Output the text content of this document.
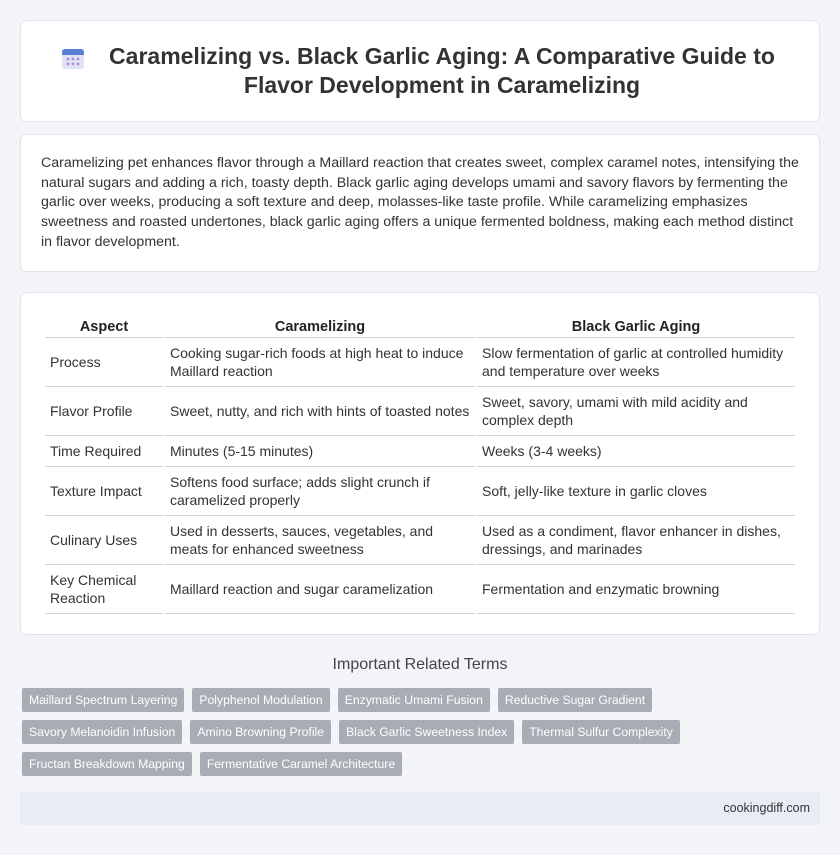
Caramelizing vs. Black Garlic Aging: A Comparative Guide to Flavor Development in Caramelizing

Caramelizing pet enhances flavor through a Maillard reaction that creates sweet, complex caramel notes, intensifying the natural sugars and adding a rich, toasty depth. Black garlic aging develops umami and savory flavors by fermenting the garlic over weeks, producing a soft texture and deep, molasses-like taste profile. While caramelizing emphasizes sweetness and roasted undertones, black garlic aging offers a unique fermented boldness, making each method distinct in flavor development.

Aspect	Caramelizing	Black Garlic Aging
Process	Cooking sugar-rich foods at high heat to induce Maillard reaction	Slow fermentation of garlic at controlled humidity and temperature over weeks
Flavor Profile	Sweet, nutty, and rich with hints of toasted notes	Sweet, savory, umami with mild acidity and complex depth
Time Required	Minutes (5-15 minutes)	Weeks (3-4 weeks)
Texture Impact	Softens food surface; adds slight crunch if caramelized properly	Soft, jelly-like texture in garlic cloves
Culinary Uses	Used in desserts, sauces, vegetables, and meats for enhanced sweetness	Used as a condiment, flavor enhancer in dishes, dressings, and marinades
Key Chemical Reaction	Maillard reaction and sugar caramelization	Fermentation and enzymatic browning
Important Related Terms
Maillard Spectrum Layering	Polyphenol Modulation	Enzymatic Umami Fusion	Reductive Sugar Gradient
Savory Melanoidin Infusion	Amino Browning Profile	Black Garlic Sweetness Index	Thermal Sulfur Complexity
Fructan Breakdown Mapping	Fermentative Caramel Architecture
cookingdiff.com
